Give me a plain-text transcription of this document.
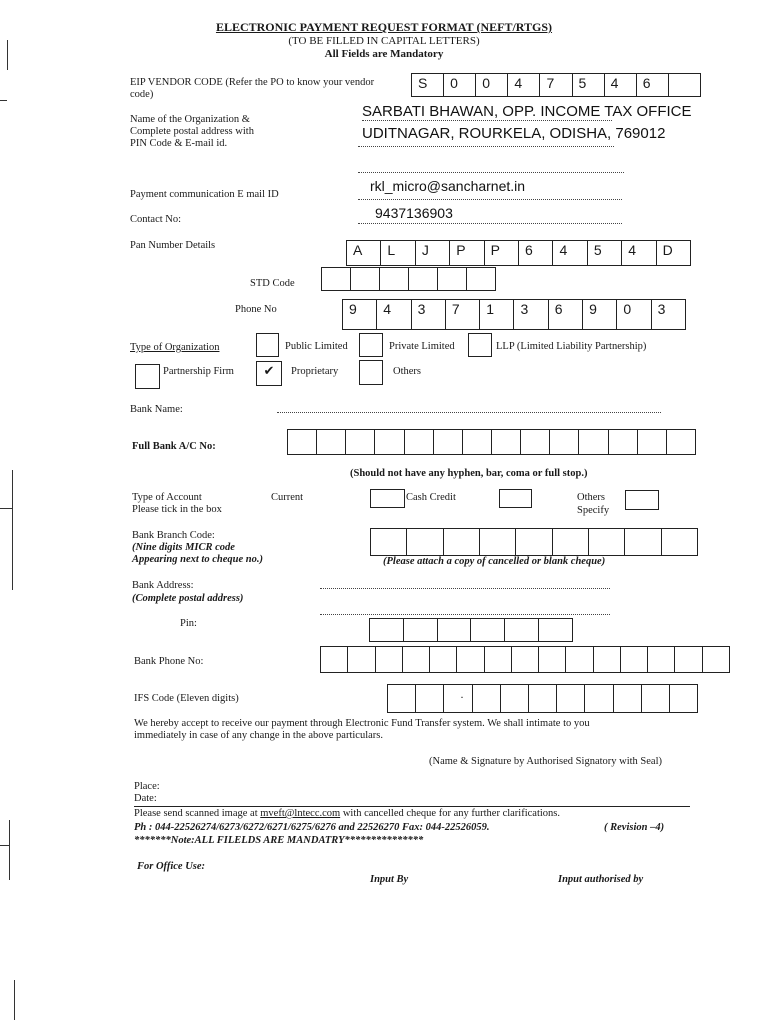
ELECTRONIC PAYMENT REQUEST FORMAT (NEFT/RTGS)
(TO BE FILLED IN CAPITAL LETTERS)
All Fields are Mandatory
EIP VENDOR CODE (Refer the PO to know your vendor
code)
S	0	0	4	7	5	4	6
Name of the Organization &
Complete postal address with
PIN Code & E-mail id.
SARBATI BHAWAN, OPP. INCOME TAX OFFICE
UDITNAGAR, ROURKELA, ODISHA, 769012
Payment communication E mail ID
rkl_micro@sancharnet.in
Contact No:	9437136903
Pan Number Details	A	L	J	P	P	6	4	5	4	D
STD Code
Phone No	9	4	3	7	1	3	6	9	0	3
Type of Organization	Public Limited	Private Limited	LLP (Limited Liability Partnership)
Partnership Firm	✔	Proprietary	Others
Bank Name:
Full Bank A/C No:
(Should not have any hyphen, bar, coma or full stop.)
Type of Account
Please tick in the box
Current	Cash Credit	Others
Specify
Bank Branch Code:
(Nine digits MICR code
Appearing next to cheque no.)	(Please attach a copy of cancelled or blank cheque)
Bank Address:
(Complete postal address)
Pin:
Bank Phone No:
IFS Code (Eleven digits)	·
We hereby accept to receive our payment through Electronic Fund Transfer system. We shall intimate to you
immediately in case of any change in the above particulars.
(Name & Signature by Authorised Signatory with Seal)
Place:
Date:
Please send scanned image at mveft@lntecc.com with cancelled cheque for any further clarifications.
Ph : 044-22526274/6273/6272/6271/6275/6276 and 22526270 Fax: 044-22526059.	( Revision –4)
*******Note:ALL FILELDS ARE MANDATRY***************
For Office Use:
Input By	Input authorised by
